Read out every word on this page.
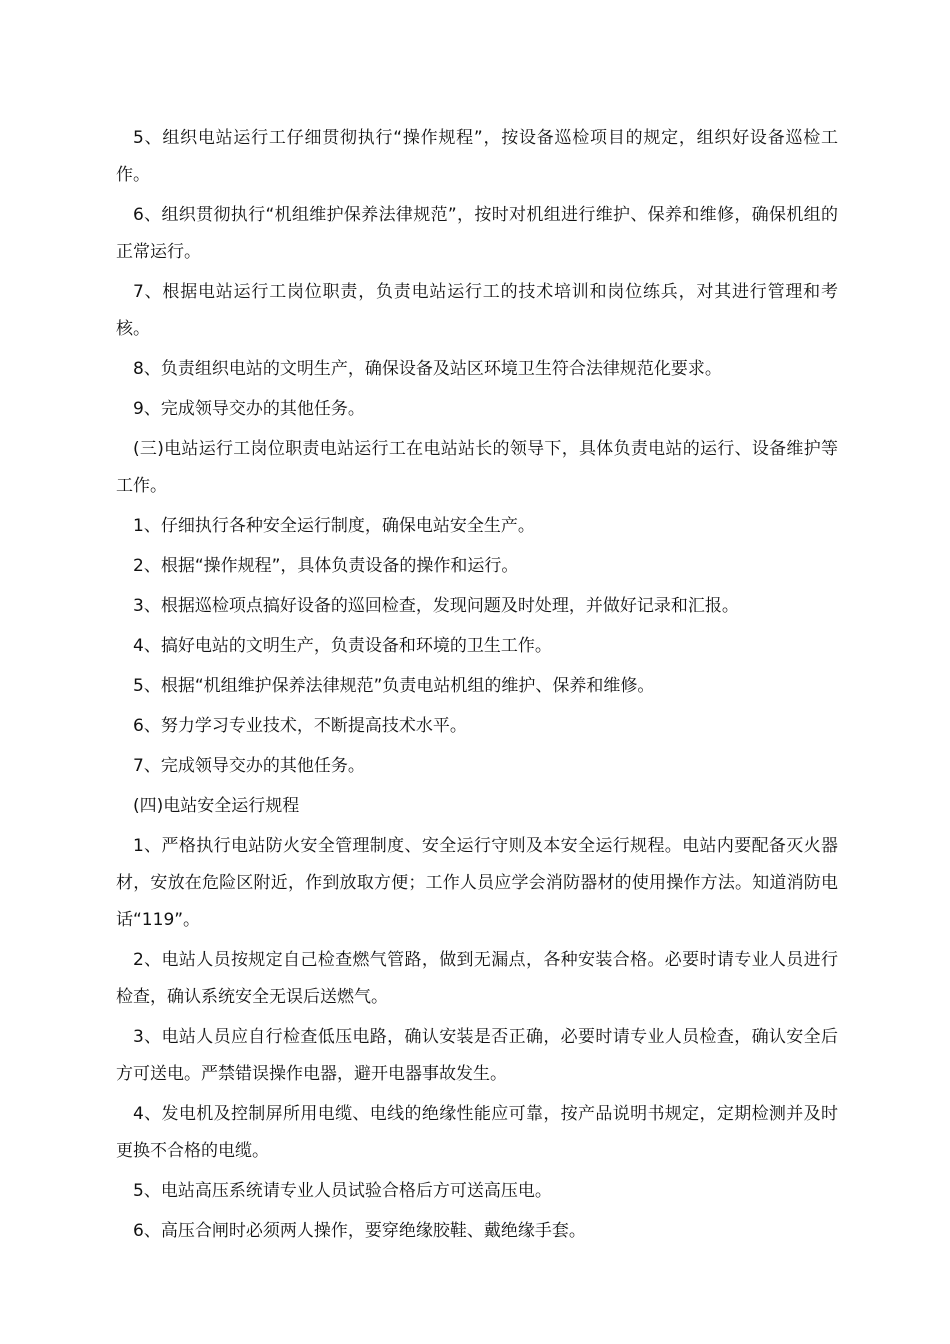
5、组织电站运行工仔细贯彻执行“操作规程”，按设备巡检项目的规定，组织好设备巡检工作。

6、组织贯彻执行“机组维护保养法律规范”，按时对机组进行维护、保养和维修，确保机组的正常运行。

7、根据电站运行工岗位职责，负责电站运行工的技术培训和岗位练兵，对其进行管理和考核。

8、负责组织电站的文明生产，确保设备及站区环境卫生符合法律规范化要求。

9、完成领导交办的其他任务。

(三)电站运行工岗位职责电站运行工在电站站长的领导下，具体负责电站的运行、设备维护等工作。

1、仔细执行各种安全运行制度，确保电站安全生产。

2、根据“操作规程”，具体负责设备的操作和运行。

3、根据巡检项点搞好设备的巡回检查，发现问题及时处理，并做好记录和汇报。

4、搞好电站的文明生产，负责设备和环境的卫生工作。

5、根据“机组维护保养法律规范”负责电站机组的维护、保养和维修。

6、努力学习专业技术，不断提高技术水平。

7、完成领导交办的其他任务。

(四)电站安全运行规程

1、严格执行电站防火安全管理制度、安全运行守则及本安全运行规程。电站内要配备灭火器材，安放在危险区附近，作到放取方便；工作人员应学会消防器材的使用操作方法。知道消防电话“119”。

2、电站人员按规定自己检查燃气管路，做到无漏点，各种安装合格。必要时请专业人员进行检查，确认系统安全无误后送燃气。

3、电站人员应自行检查低压电路，确认安装是否正确，必要时请专业人员检查，确认安全后方可送电。严禁错误操作电器，避开电器事故发生。

4、发电机及控制屏所用电缆、电线的绝缘性能应可靠，按产品说明书规定，定期检测并及时更换不合格的电缆。

5、电站高压系统请专业人员试验合格后方可送高压电。

6、高压合闸时必须两人操作，要穿绝缘胶鞋、戴绝缘手套。
